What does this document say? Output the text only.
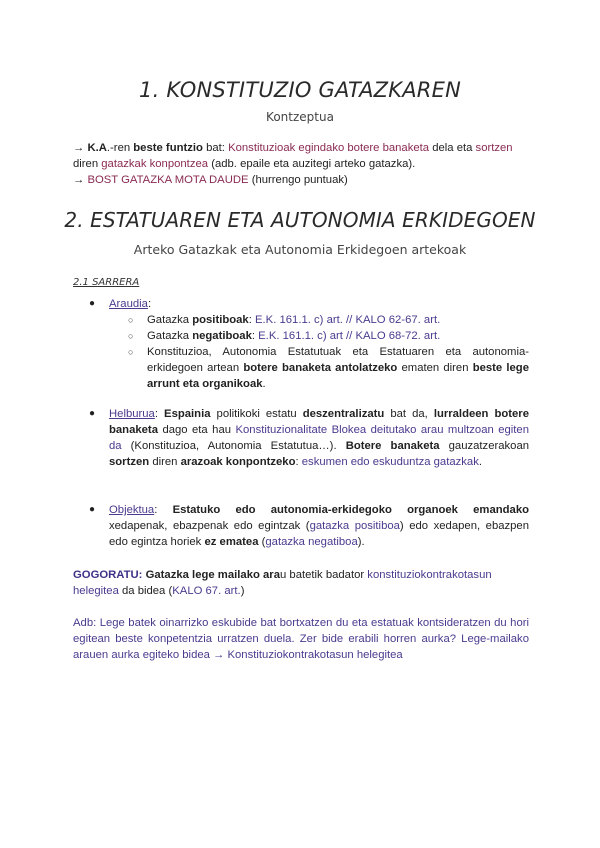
1. KONSTITUZIO GATAZKAREN
Kontzeptua
→ K.A.-ren beste funtzio bat: Konstituzioak egindako botere banaketa dela eta sortzen diren gatazkak konpontzea (adb. epaile eta auzitegi arteko gatazka).
→ BOST GATAZKA MOTA DAUDE (hurrengo puntuak)
2. ESTATUAREN ETA AUTONOMIA ERKIDEGOEN
Arteko Gatazkak eta Autonomia Erkidegoen artekoak
2.1 SARRERA
● Araudia:
○ Gatazka positiboak: E.K. 161.1. c) art. // KALO 62-67. art.
○ Gatazka negatiboak: E.K. 161.1. c) art // KALO 68-72. art.
○ Konstituzioa, Autonomia Estatutuak eta Estatuaren eta autonomia-erkidegoen artean botere banaketa antolatzeko ematen diren beste lege arrunt eta organikoak.
● Helburua: Espainia politikoki estatu deszentralizatu bat da, lurraldeen botere banaketa dago eta hau Konstituzionalitate Blokea deitutako arau multzoan egiten da (Konstituzioa, Autonomia Estatutua…). Botere banaketa gauzatzerakoan sortzen diren arazoak konpontzeko: eskumen edo eskuduntza gatazkak.
● Objektua: Estatuko edo autonomia-erkidegoko organoek emandako xedapenak, ebazpenak edo egintzak (gatazka positiboa) edo xedapen, ebazpen edo egintza horiek ez ematea (gatazka negatiboa).
GOGORATU: Gatazka lege mailako arau batetik badator konstituziokontrakotasun helegitea da bidea (KALO 67. art.)
Adb: Lege batek oinarrizko eskubide bat bortxatzen du eta estatuak kontsideratzen du hori egitean beste konpetentzia urratzen duela. Zer bide erabili horren aurka? Lege-mailako arauen aurka egiteko bidea → Konstituziokontrakotasun helegitea
